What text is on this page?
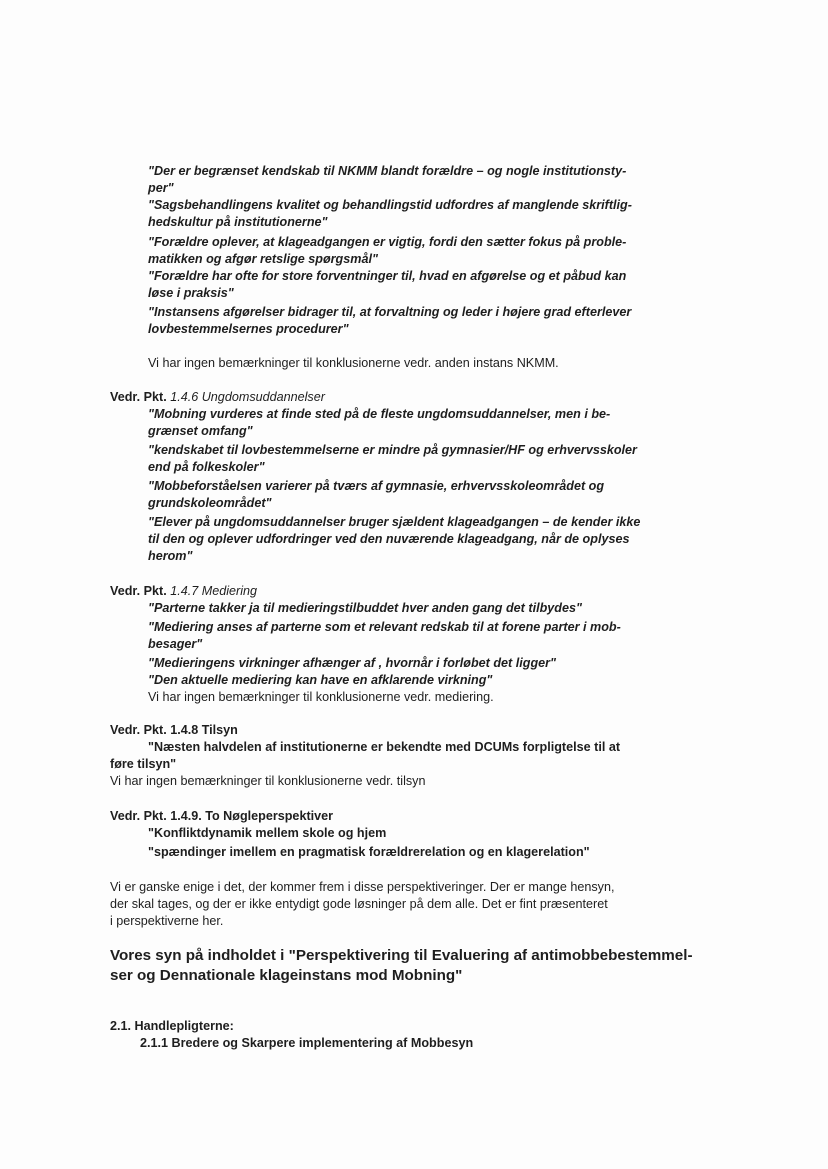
"Der er begrænset kendskab til NKMM blandt forældre – og nogle institutionsty-
per"
"Sagsbehandlingens kvalitet og behandlingstid udfordres af manglende skriftlig-
hedskultur på institutionerne"
"Forældre oplever, at klageadgangen er vigtig, fordi den sætter fokus på proble-
matikken og afgør retslige spørgsmål"
"Forældre har ofte for store forventninger til, hvad en afgørelse og et påbud kan
løse i praksis"
"Instansens afgørelser bidrager til, at forvaltning og leder i højere grad efterlever
lovbestemmelsernes procedurer"
Vi har ingen bemærkninger til konklusionerne vedr. anden instans NKMM.
Vedr. Pkt. 1.4.6 Ungdomsuddannelser
"Mobning vurderes at finde sted på de fleste ungdomsuddannelser, men i be-
grænset omfang"
"kendskabet til lovbestemmelserne er mindre på gymnasier/HF og erhvervsskoler
end på folkeskoler"
"Mobbeforståelsen varierer på tværs af gymnasie, erhvervsskoleområdet og
grundskoleområdet"
"Elever på ungdomsuddannelser bruger sjældent klageadgangen – de kender ikke
til den og oplever udfordringer ved den nuværende klageadgang, når de oplyses
herom"
Vedr. Pkt. 1.4.7 Mediering
"Parterne takker ja til medieringstilbuddet hver anden gang det tilbydes"
"Mediering anses af parterne som et relevant redskab til at forene parter i mob-
besager"
"Medieringens virkninger afhænger af , hvornår i forløbet det ligger"
"Den aktuelle mediering kan have en afklarende virkning"
Vi har ingen bemærkninger til konklusionerne vedr. mediering.
Vedr. Pkt. 1.4.8 Tilsyn
"Næsten halvdelen af institutionerne er bekendte med DCUMs forpligtelse til at
føre tilsyn"
Vi har ingen bemærkninger til konklusionerne vedr. tilsyn
Vedr. Pkt. 1.4.9. To Nøgleperspektiver
"Konfliktdynamik mellem skole og hjem
"spændinger imellem en pragmatisk forældrerelation og en klagerelation"
Vi er ganske enige i det, der kommer frem i disse perspektiveringer. Der er mange hensyn,
der skal tages, og der er ikke entydigt gode løsninger på dem alle. Det er fint præsenteret
i perspektiverne her.
Vores syn på indholdet i "Perspektivering til Evaluering af antimobbebestemmel-
ser og Dennationale klageinstans mod Mobning"
2.1. Handlepligterne:
2.1.1 Bredere og Skarpere implementering af Mobbesyn
